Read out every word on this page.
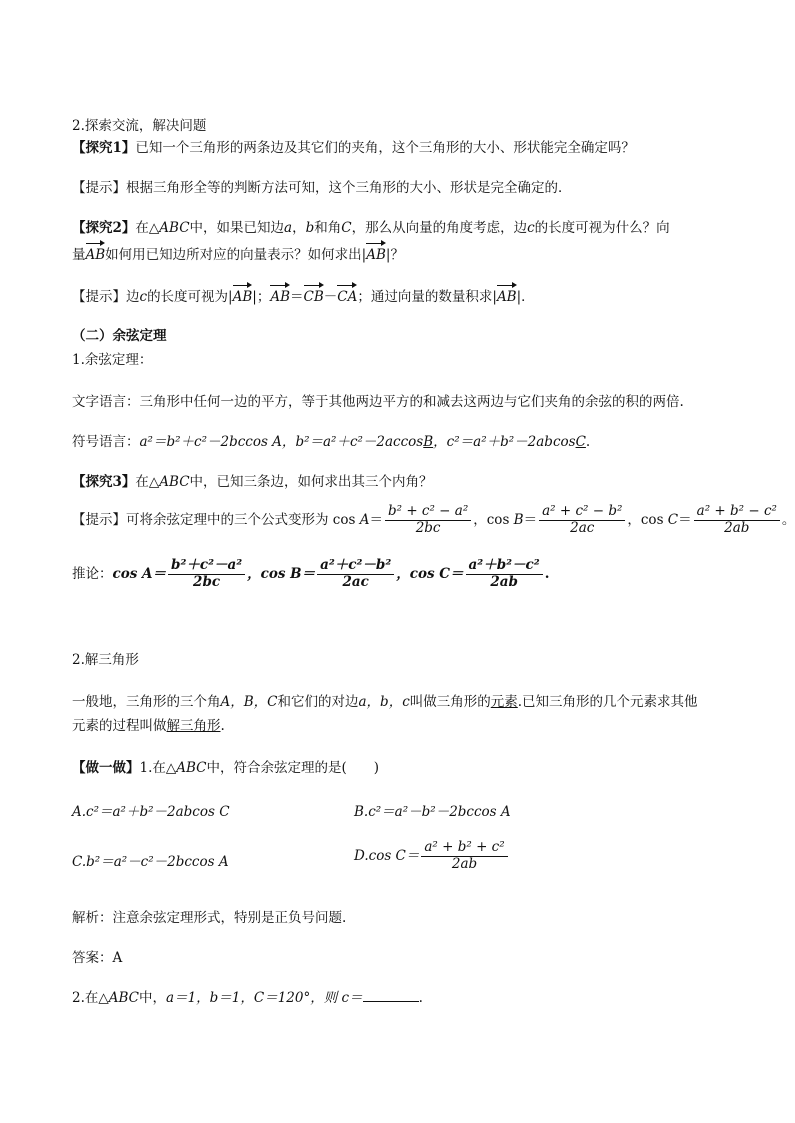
2.探索交流，解决问题
【探究1】已知一个三角形的两条边及其它们的夹角，这个三角形的大小、形状能完全确定吗？
【提示】根据三角形全等的判断方法可知，这个三角形的大小、形状是完全确定的．
【探究2】在△ABC中，如果已知边a，b和角C，那么从向量的角度考虑，边c的长度可视为什么？向
量AB如何用已知边所对应的向量表示？如何求出|AB|？
【提示】边c的长度可视为|AB|；AB＝CB－CA；通过向量的数量积求|AB|．
（二）余弦定理
1.余弦定理：
文字语言：三角形中任何一边的平方，等于其他两边平方的和减去这两边与它们夹角的余弦的积的两倍.
符号语言：a²＝b²＋c²－2bccos A，b²＝a²＋c²－2accosB，c²＝a²＋b²－2abcosC.
【探究3】在△ABC中，已知三条边，如何求出其三个内角？
【提示】 可将余弦定理中的三个公式变形为 cos
$A = \frac{\text{b² + c² − a²}}{2bc}$ ，cos
$B = \frac{\text{a² + c² − b²}}{2ac}$ ，cos
$C = \frac{\text{a² + b² − c²}}{2ab}$ 。
推论： $\cos A= \frac{\text{b²＋c²－a²}}{2bc}$ ，$\cos B= \frac{\text{a²＋c²－b²}}{2ac}$ ，$\cos C= \frac{\text{a²＋b²－c²}}{2ab}$ .
2.解三角形
一般地，三角形的三个角A，B，C和它们的对边a，b，c叫做三角形的元素.已知三角形的几个元素求其他
元素的过程叫做解三角形.
【做一做】1.在△ABC中，符合余弦定理的是(　　)
A.c²＝a²＋b²－2abcos C	B.c²＝a²－b²－2bccos A
C.b²＝a²－c²－2bccos A	D.cos $C= \frac{\text{a² + b² + c²}}{2ab}$
解析：注意余弦定理形式，特别是正负号问题.
答案：A
2.在△ABC中，a＝1，b＝1，C＝120°，则 c＝	.
